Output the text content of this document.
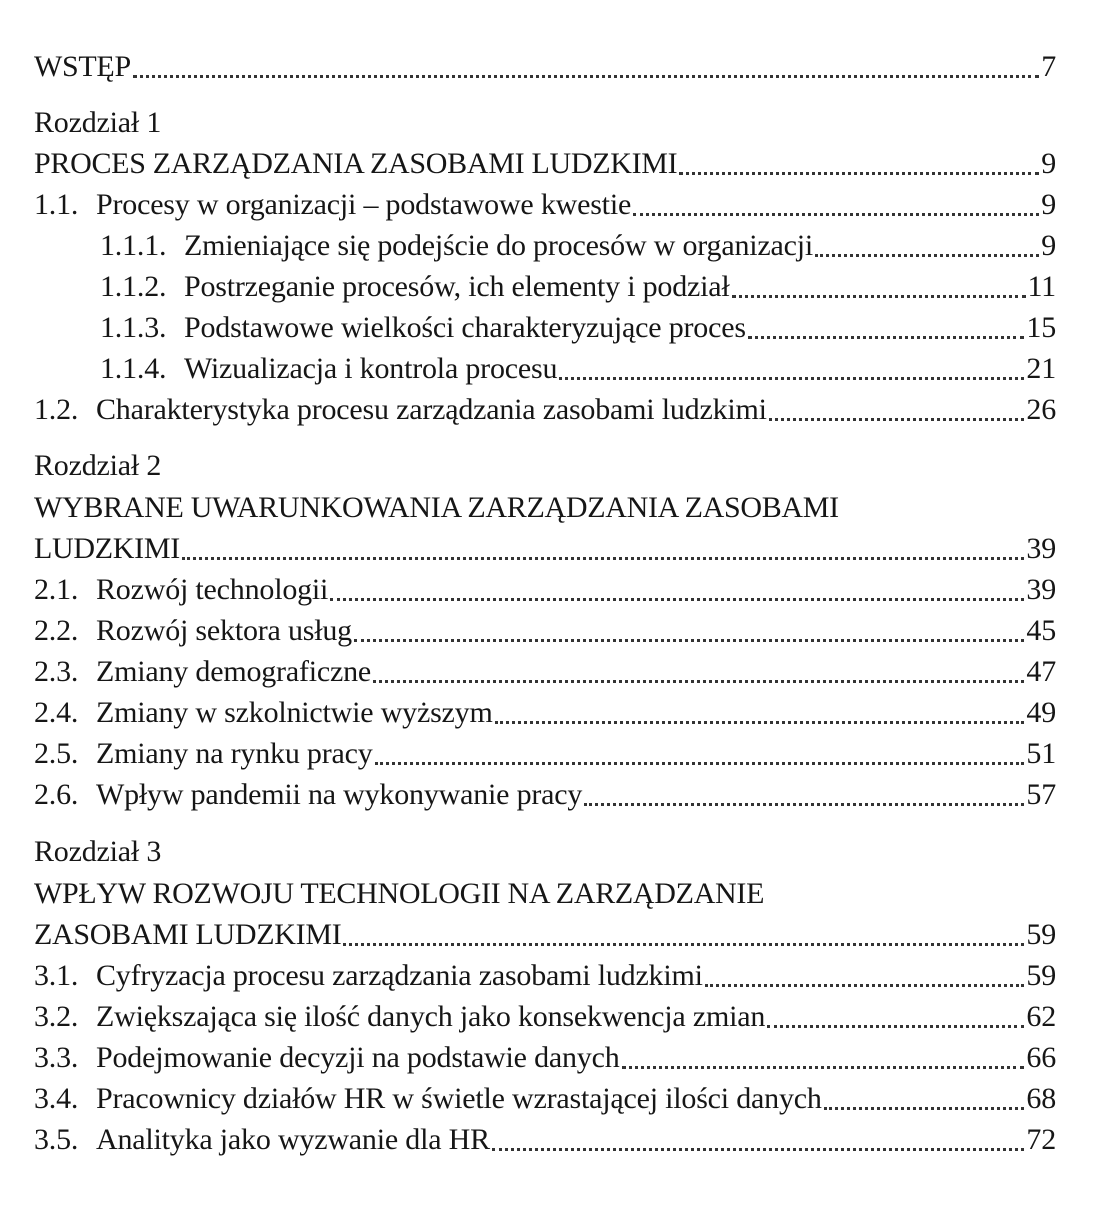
WSTĘP	7
Rozdział 1
PROCES ZARZĄDZANIA ZASOBAMI LUDZKIMI	9
1.1. Procesy w organizacji – podstawowe kwestie	9
1.1.1. Zmieniające się podejście do procesów w organizacji	9
1.1.2. Postrzeganie procesów, ich elementy i podział	11
1.1.3. Podstawowe wielkości charakteryzujące proces	15
1.1.4. Wizualizacja i kontrola procesu	21
1.2. Charakterystyka procesu zarządzania zasobami ludzkimi	26
Rozdział 2
WYBRANE UWARUNKOWANIA ZARZĄDZANIA ZASOBAMI
LUDZKIMI	39
2.1. Rozwój technologii	39
2.2. Rozwój sektora usług	45
2.3. Zmiany demograficzne	47
2.4. Zmiany w szkolnictwie wyższym	49
2.5. Zmiany na rynku pracy	51
2.6. Wpływ pandemii na wykonywanie pracy	57
Rozdział 3
WPŁYW ROZWOJU TECHNOLOGII NA ZARZĄDZANIE
ZASOBAMI LUDZKIMI	59
3.1. Cyfryzacja procesu zarządzania zasobami ludzkimi	59
3.2. Zwiększająca się ilość danych jako konsekwencja zmian	62
3.3. Podejmowanie decyzji na podstawie danych	66
3.4. Pracownicy działów HR w świetle wzrastającej ilości danych	68
3.5. Analityka jako wyzwanie dla HR	72
